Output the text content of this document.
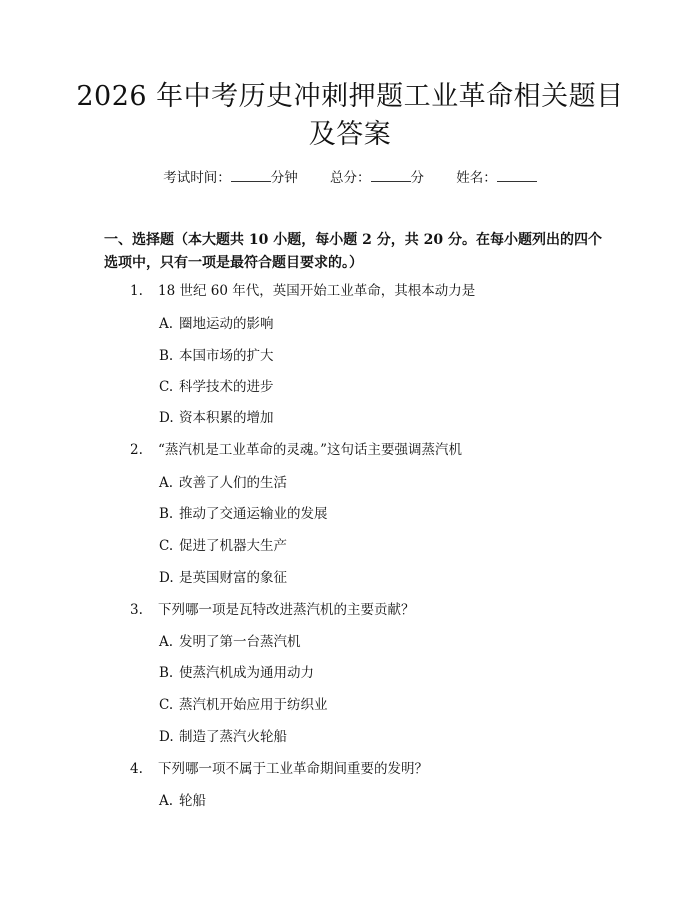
2026 年中考历史冲刺押题工业革命相关题目
及答案
考试时间：	分钟 总分：	分 姓名：
一、选择题（本大题共 10 小题，每小题 2 分，共 20 分。在每小题列出的四个选项中，只有一项是最符合题目要求的。）
1. 18 世纪 60 年代，英国开始工业革命，其根本动力是
A. 圈地运动的影响
B. 本国市场的扩大
C. 科学技术的进步
D. 资本积累的增加
2. “蒸汽机是工业革命的灵魂。”这句话主要强调蒸汽机
A. 改善了人们的生活
B. 推动了交通运输业的发展
C. 促进了机器大生产
D. 是英国财富的象征
3. 下列哪一项是瓦特改进蒸汽机的主要贡献？
A. 发明了第一台蒸汽机
B. 使蒸汽机成为通用动力
C. 蒸汽机开始应用于纺织业
D. 制造了蒸汽火轮船
4. 下列哪一项不属于工业革命期间重要的发明？
A. 轮船
